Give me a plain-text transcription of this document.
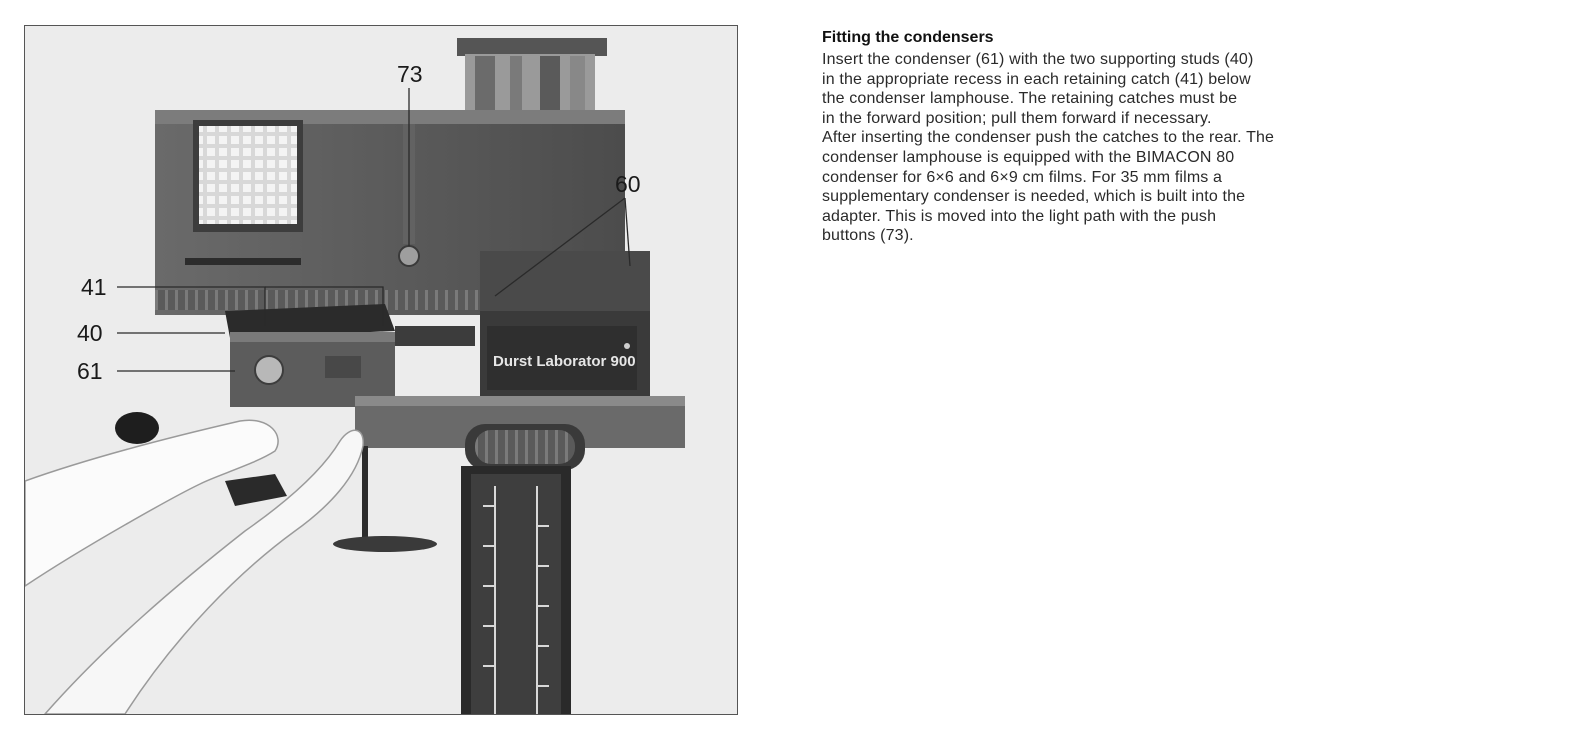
Durst Laborator 900
73
60
41
40
61
Fitting the condensers
Insert the condenser (61) with the two supporting studs (40)
in the appropriate recess in each retaining catch (41) below
the condenser lamphouse. The retaining catches must be
in the forward position; pull them forward if necessary.
After inserting the condenser push the catches to the rear. The
condenser lamphouse is equipped with the BIMACON 80
condenser for 6×6 and 6×9 cm films. For 35 mm films a
supplementary condenser is needed, which is built into the
adapter. This is moved into the light path with the push
buttons (73).
